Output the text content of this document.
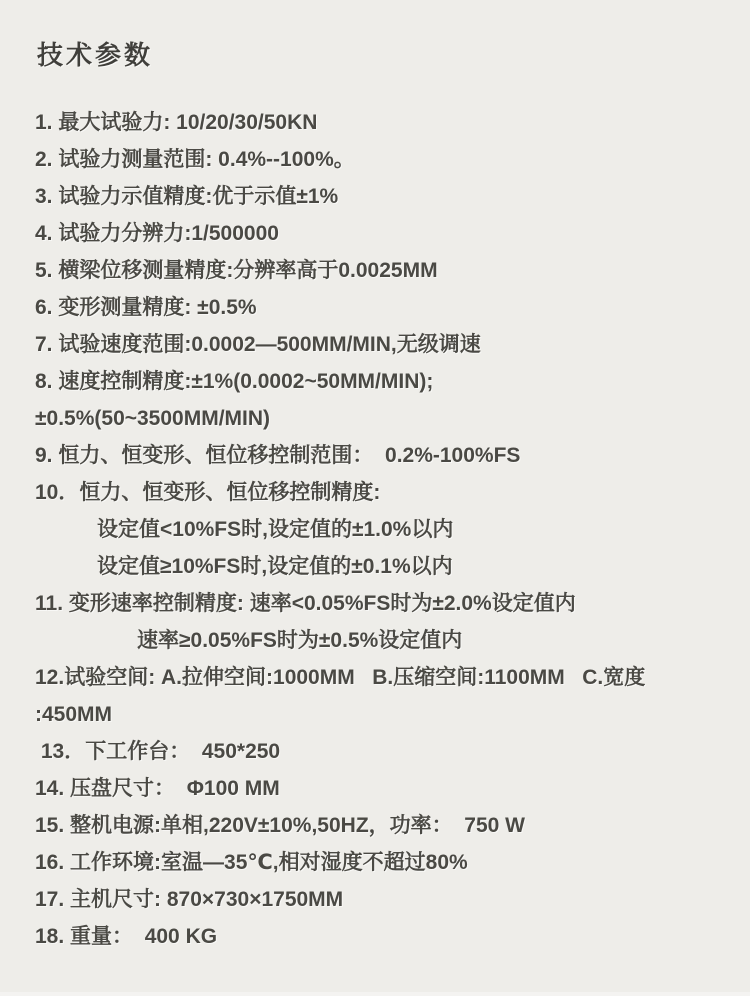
技术参数
1. 最大试验力: 10/20/30/50KN
2. 试验力测量范围: 0.4%--100%。
3. 试验力示值精度:优于示值±1%
4. 试验力分辨力:1/500000
5. 横梁位移测量精度:分辨率高于0.0025MM
6. 变形测量精度: ±0.5%
7. 试验速度范围:0.0002—500MM/MIN,无级调速
8. 速度控制精度:±1%(0.0002~50MM/MIN);
±0.5%(50~3500MM/MIN)
9. 恒力、恒变形、恒位移控制范围：  0.2%-100%FS
10．恒力、恒变形、恒位移控制精度:
设定值<10%FS时,设定值的±1.0%以内
设定值≥10%FS时,设定值的±0.1%以内
11. 变形速率控制精度: 速率<0.05%FS时为±2.0%设定值内
速率≥0.05%FS时为±0.5%设定值内
12.试验空间: A.拉伸空间:1000MM   B.压缩空间:1100MM   C.宽度
:450MM
13．下工作台：  450*250
14. 压盘尺寸：  Φ100 MM
15. 整机电源:单相,220V±10%,50HZ，功率：  750 W
16. 工作环境:室温—35℃,相对湿度不超过80%
17. 主机尺寸: 870×730×1750MM
18. 重量：  400 KG
